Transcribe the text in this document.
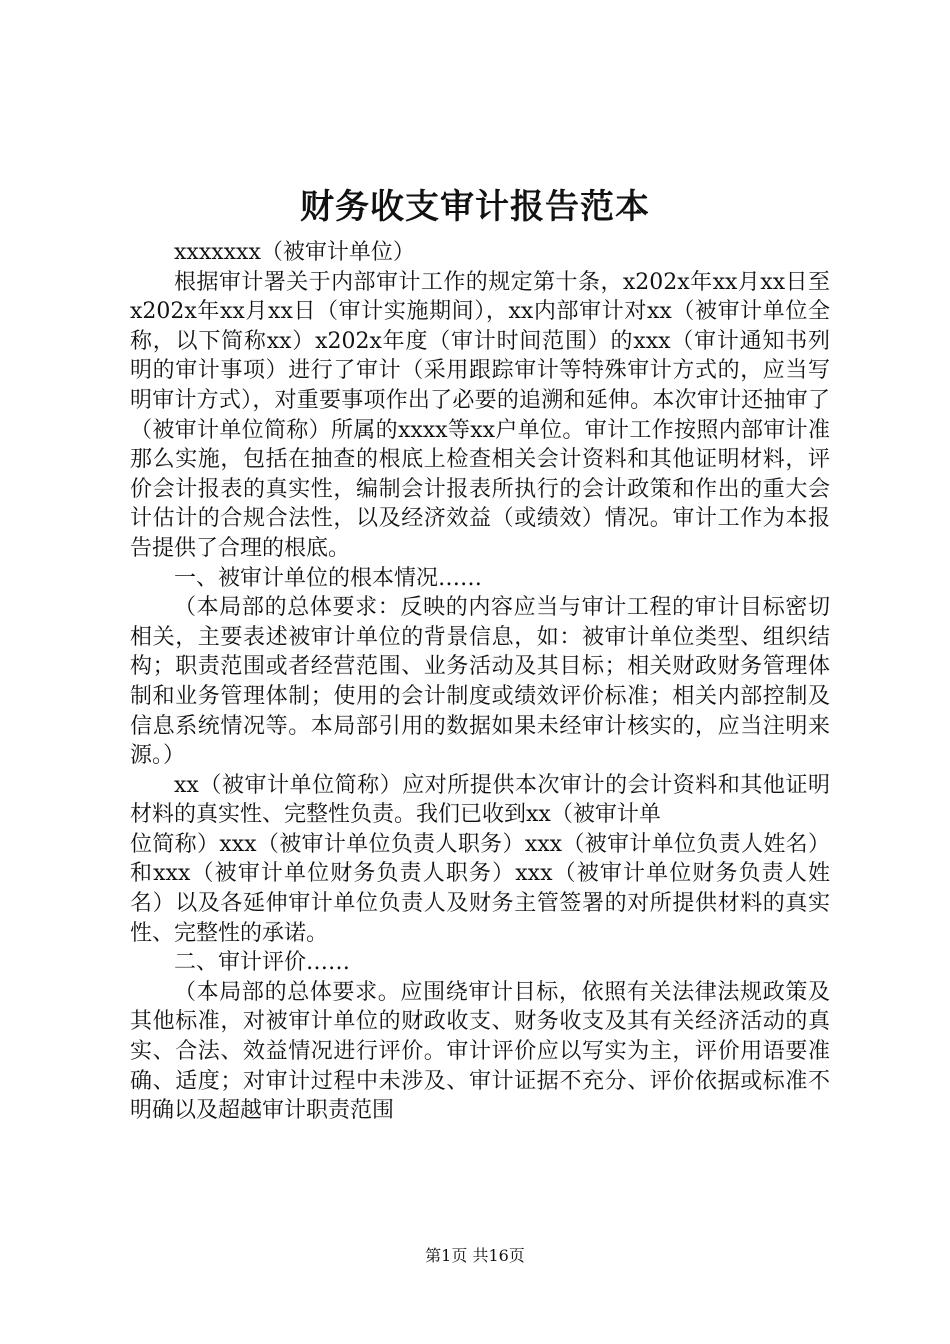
财务收支审计报告范本

xxxxxxx（被审计单位）

根据审计署关于内部审计工作的规定第十条，x202x年xx月xx日至x202x年xx月xx日（审计实施期间），xx内部审计对xx（被审计单位全称，以下简称xx）x202x年度（审计时间范围）的xxx（审计通知书列明的审计事项）进行了审计（采用跟踪审计等特殊审计方式的，应当写明审计方式），对重要事项作出了必要的追溯和延伸。本次审计还抽审了（被审计单位简称）所属的xxxx等xx户单位。审计工作按照内部审计准那么实施，包括在抽查的根底上检查相关会计资料和其他证明材料，评价会计报表的真实性，编制会计报表所执行的会计政策和作出的重大会计估计的合规合法性，以及经济效益（或绩效）情况。审计工作为本报告提供了合理的根底。

一、被审计单位的根本情况……

（本局部的总体要求：反映的内容应当与审计工程的审计目标密切相关，主要表述被审计单位的背景信息，如：被审计单位类型、组织结构；职责范围或者经营范围、业务活动及其目标；相关财政财务管理体制和业务管理体制；使用的会计制度或绩效评价标准；相关内部控制及信息系统情况等。本局部引用的数据如果未经审计核实的，应当注明来源。）

xx（被审计单位简称）应对所提供本次审计的会计资料和其他证明材料的真实性、完整性负责。我们已收到xx（被审计单

位简称）xxx（被审计单位负责人职务）xxx（被审计单位负责人姓名）和xxx（被审计单位财务负责人职务）xxx（被审计单位财务负责人姓名）以及各延伸审计单位负责人及财务主管签署的对所提供材料的真实性、完整性的承诺。

二、审计评价……

（本局部的总体要求。应围绕审计目标，依照有关法律法规政策及其他标准，对被审计单位的财政收支、财务收支及其有关经济活动的真实、合法、效益情况进行评价。审计评价应以写实为主，评价用语要准确、适度；对审计过程中未涉及、审计证据不充分、评价依据或标准不明确以及超越审计职责范围

第1页 共16页
